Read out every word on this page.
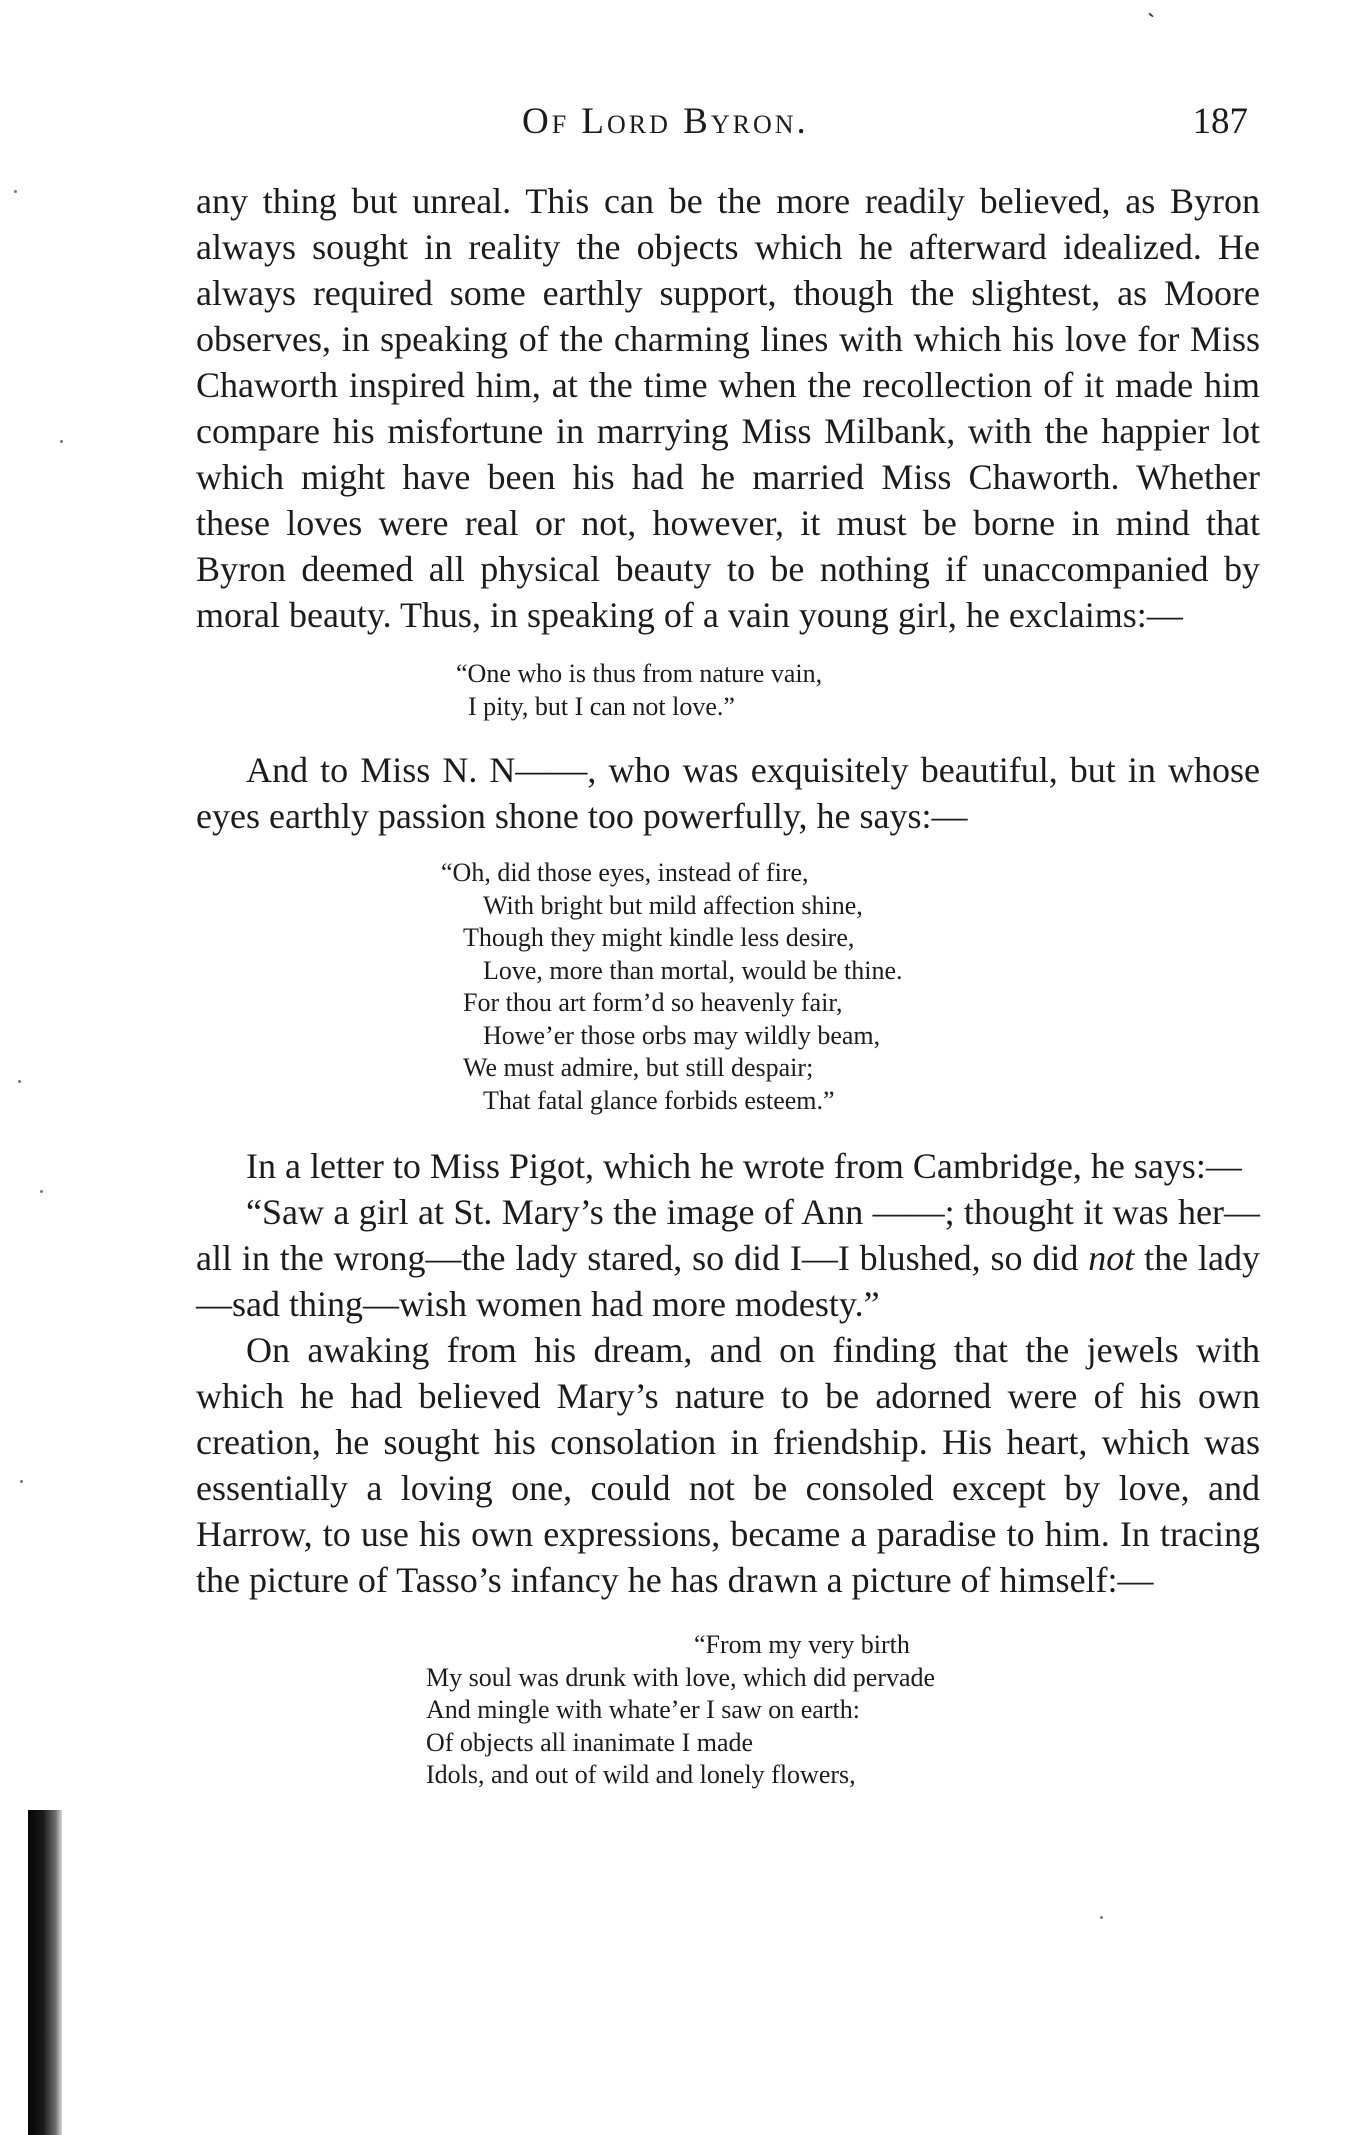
Of Lord Byron.	187

any thing but unreal. This can be the more readily believed, as Byron always sought in reality the objects which he afterward idealized. He always required some earthly support, though the slightest, as Moore observes, in speaking of the charming lines with which his love for Miss Chaworth inspired him, at the time when the recollection of it made him compare his misfortune in marrying Miss Milbank, with the happier lot which might have been his had he married Miss Chaworth. Whether these loves were real or not, however, it must be borne in mind that Byron deemed all physical beauty to be nothing if unaccompanied by moral beauty. Thus, in speaking of a vain young girl, he exclaims:—

“One who is thus from nature vain,
I pity, but I can not love.”

And to Miss N. N——, who was exquisitely beautiful, but in whose eyes earthly passion shone too powerfully, he says:—

“Oh, did those eyes, instead of fire,
With bright but mild affection shine,
Though they might kindle less desire,
Love, more than mortal, would be thine.
For thou art form’d so heavenly fair,
Howe’er those orbs may wildly beam,
We must admire, but still despair;
That fatal glance forbids esteem.”

In a letter to Miss Pigot, which he wrote from Cambridge, he says:—

“Saw a girl at St. Mary’s the image of Ann ——; thought it was her—all in the wrong—the lady stared, so did I—I blushed, so did not the lady—sad thing—wish women had more modesty.”

On awaking from his dream, and on finding that the jewels with which he had believed Mary’s nature to be adorned were of his own creation, he sought his consolation in friendship. His heart, which was essentially a loving one, could not be consoled except by love, and Harrow, to use his own expressions, became a paradise to him. In tracing the picture of Tasso’s infancy he has drawn a picture of himself:—

“From my very birth
My soul was drunk with love, which did pervade
And mingle with whate’er I saw on earth:
Of objects all inanimate I made
Idols, and out of wild and lonely flowers,
